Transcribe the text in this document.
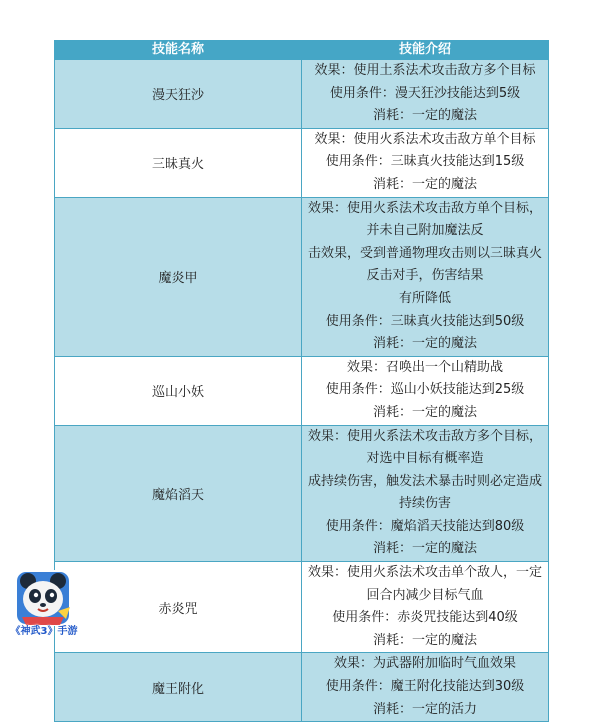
技能名称	技能介绍
漫天狂沙	效果：使用土系法术攻击敌方多个目标
使用条件：漫天狂沙技能达到5级
消耗：一定的魔法

三昧真火	效果：使用火系法术攻击敌方单个目标
使用条件：三昧真火技能达到15级
消耗：一定的魔法

魔炎甲	效果：使用火系法术攻击敌方单个目标，并未自己附加魔法反
击效果，受到普通物理攻击则以三昧真火反击对手，伤害结果
有所降低
使用条件：三昧真火技能达到50级
消耗：一定的魔法

巡山小妖	效果：召唤出一个山精助战
使用条件：巡山小妖技能达到25级
消耗：一定的魔法

魔焰滔天	效果：使用火系法术攻击敌方多个目标，对选中目标有概率造
成持续伤害，触发法术暴击时则必定造成持续伤害
使用条件：魔焰滔天技能达到80级
消耗：一定的魔法

赤炎咒	效果：使用火系法术攻击单个敌人，一定回合内减少目标气血
使用条件：赤炎咒技能达到40级
消耗：一定的魔法

魔王附化	效果：为武器附加临时气血效果
使用条件：魔王附化技能达到30级
消耗：一定的活力
《神武3》手游
